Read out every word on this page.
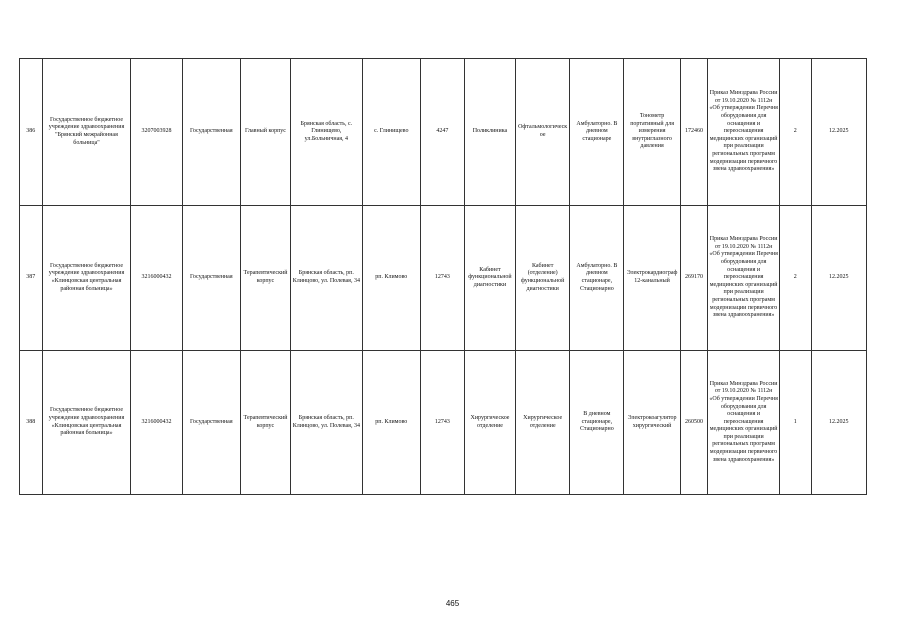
386	Государственное бюджетное учреждение здравоохранения "Брянский межрайонная больница"	3207003928	Государственная	Главный корпус	Брянская область, с. Глинищево, ул.Больничная, 4	с. Глинищево	4247	Поликлиника	Офтальмологическое	Амбулаторно. В дневном стационаре	Тонометр портативный для измерения внутриглазного давления	172460	Приказ Минздрава России от 19.10.2020 № 1112н «Об утверждении Перечня оборудования для оснащения и переоснащения медицинских организаций при реализации региональных программ модернизации первичного звена здравоохранения»	2	12.2025
387	Государственное бюджетное учреждение здравоохранения «Клинцовская центральная районная больница»	3216000432	Государственная	Терапевтический корпус	Брянская область, рп. Клинцово, ул. Полевая, 34	рп. Климово	12743	Кабинет функциональной диагностики	Кабинет (отделение) функциональной диагностики	Амбулаторно. В дневном стационаре, Стационарно	Электрокардиограф 12-канальный	269170	Приказ Минздрава России от 19.10.2020 № 1112н «Об утверждении Перечня оборудования для оснащения и переоснащения медицинских организаций при реализации региональных программ модернизации первичного звена здравоохранения»	2	12.2025
388	Государственное бюджетное учреждение здравоохранения «Клинцовская центральная районная больница»	3216000432	Государственная	Терапевтический корпус	Брянская область, рп. Клинцово, ул. Полевая, 34	рп. Климово	12743	Хирургическое отделение	Хирургическое отделение	В дневном стационаре, Стационарно	Электрокоагулятор хирургический	260500	Приказ Минздрава России от 19.10.2020 № 1112н «Об утверждении Перечня оборудования для оснащения и переоснащения медицинских организаций при реализации региональных программ модернизации первичного звена здравоохранения»	1	12.2025
465
